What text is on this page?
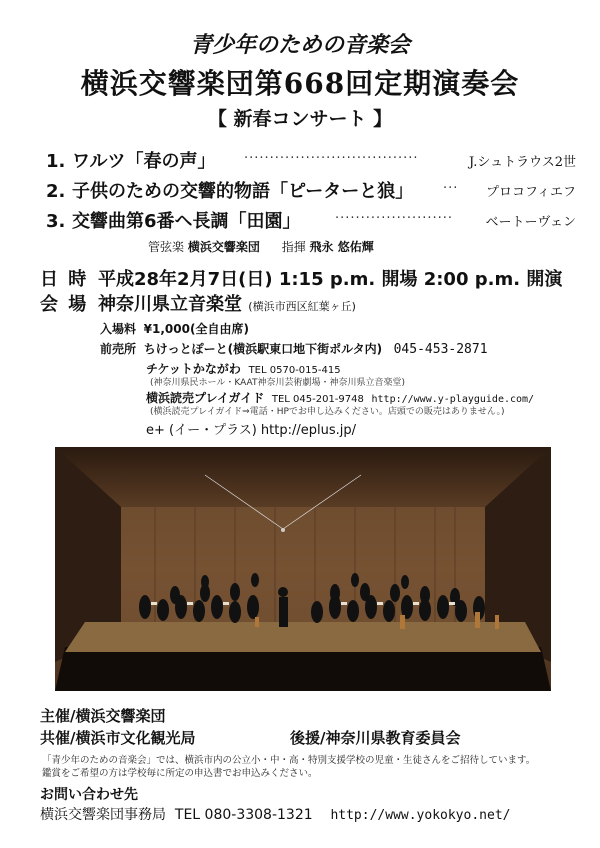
青少年のための音楽会
横浜交響楽団第668回定期演奏会
【 新春コンサート 】
1. ワルツ「春の声」 ··································	J.シュトラウス2世
2. 子供のための交響的物語「ピーターと狼」 ··· プロコフィエフ
3. 交響曲第6番ヘ長調「田園」	·······················	ベートーヴェン
管弦楽 横浜交響楽団 指揮 飛永 悠佑輝
日 時 平成28年2月7日(日) 1:15 p.m. 開場 2:00 p.m. 開演
会 場 神奈川県立音楽堂 (横浜市西区紅葉ヶ丘)
入場料 ¥1,000(全自由席)
前売所 ちけっとぽーと(横浜駅東口地下街ポルタ内) 045-453-2871
チケットかながわ TEL 0570-015-415
(神奈川県民ホール・KAAT神奈川芸術劇場・神奈川県立音楽堂)
横浜読売プレイガイド TEL 045-201-9748 http://www.y-playguide.com/
(横浜読売プレイガイド⇒電話・HPでお申し込みください。店頭での販売はありません。)
e+ (イー・プラス) http://eplus.jp/
主催/横浜交響楽団
共催/横浜市文化観光局	後援/神奈川県教育委員会
「青少年のための音楽会」では、横浜市内の公立小・中・高・特別支援学校の児童・生徒さんをご招待しています。
鑑賞をご希望の方は学校毎に所定の申込書でお申込みください。
お問い合わせ先
横浜交響楽団事務局 TEL 080-3308-1321 http://www.yokokyo.net/
